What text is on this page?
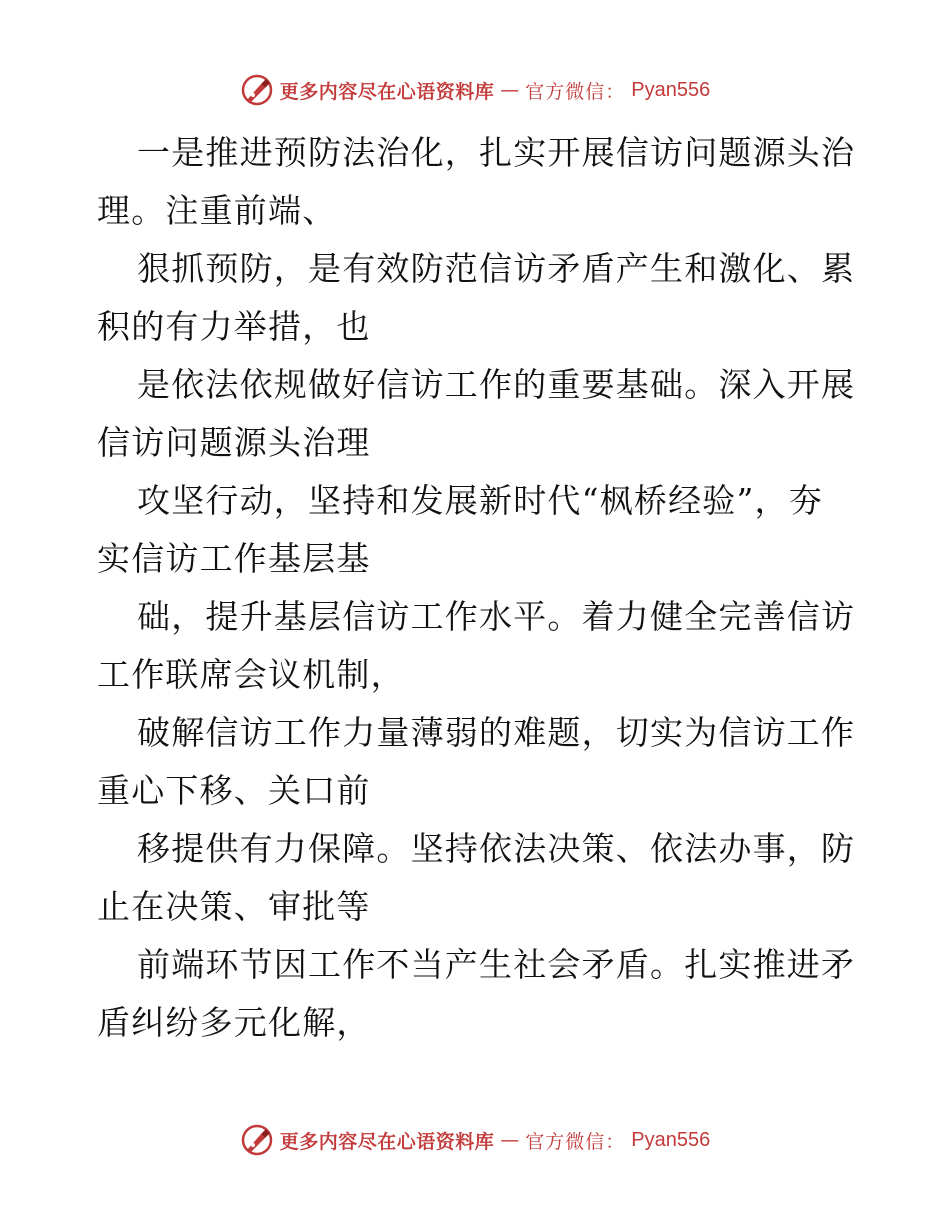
更多内容尽在心语资料库 — 官方微信： Pyan556
一是推进预防法治化，扎实开展信访问题源头治
理。注重前端、
狠抓预防，是有效防范信访矛盾产生和激化、累
积的有力举措，也
是依法依规做好信访工作的重要基础。深入开展
信访问题源头治理
攻坚行动，坚持和发展新时代“枫桥经验”，夯
实信访工作基层基
础，提升基层信访工作水平。着力健全完善信访
工作联席会议机制，
破解信访工作力量薄弱的难题，切实为信访工作
重心下移、关口前
移提供有力保障。坚持依法决策、依法办事，防
止在决策、审批等
前端环节因工作不当产生社会矛盾。扎实推进矛
盾纠纷多元化解，
更多内容尽在心语资料库 — 官方微信： Pyan556
